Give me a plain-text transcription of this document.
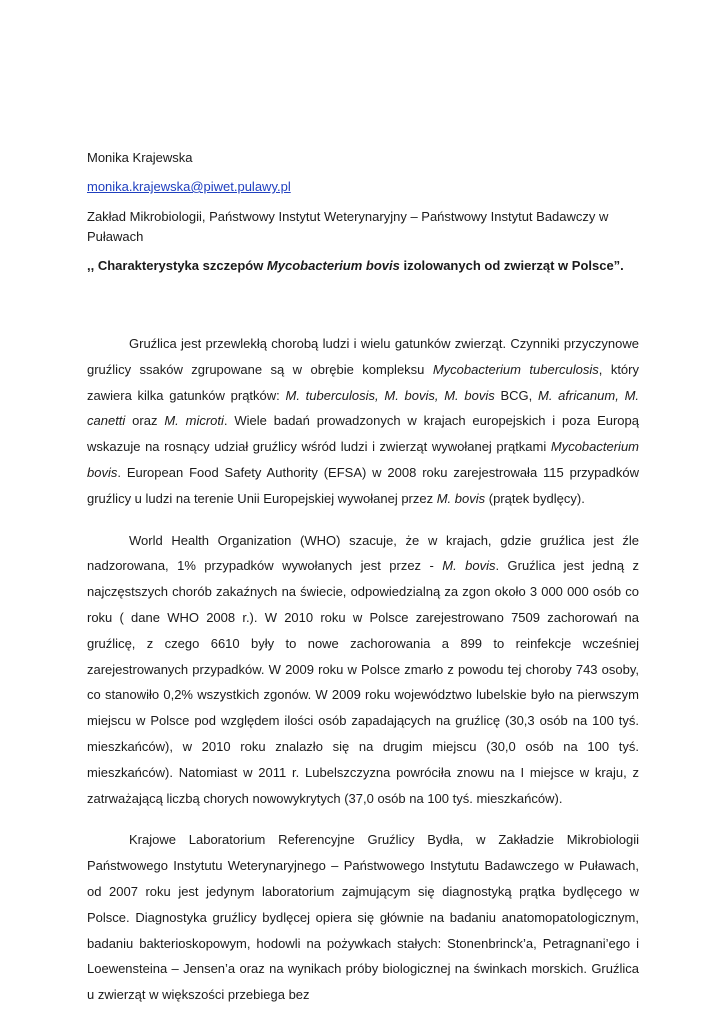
Monika Krajewska

monika.krajewska@piwet.pulawy.pl

Zakład Mikrobiologii, Państwowy Instytut Weterynaryjny – Państwowy Instytut Badawczy w Puławach

,, Charakterystyka szczepów Mycobacterium bovis izolowanych od zwierząt w Polsce”.

Gruźlica jest przewlekłą chorobą ludzi i wielu gatunków zwierząt. Czynniki przyczynowe gruźlicy ssaków zgrupowane są w obrębie kompleksu Mycobacterium tuberculosis, który zawiera kilka gatunków prątków: M. tuberculosis, M. bovis, M. bovis BCG, M. africanum, M. canetti oraz M. microti. Wiele badań prowadzonych w krajach europejskich i poza Europą wskazuje na rosnący udział gruźlicy wśród ludzi i zwierząt wywołanej prątkami Mycobacterium bovis. European Food Safety Authority (EFSA) w 2008 roku zarejestrowała 115 przypadków gruźlicy u ludzi na terenie Unii Europejskiej wywołanej przez M. bovis (prątek bydlęcy).

World Health Organization (WHO) szacuje, że w krajach, gdzie gruźlica jest źle nadzorowana, 1% przypadków wywołanych jest przez - M. bovis. Gruźlica jest jedną z najczęstszych chorób zakaźnych na świecie, odpowiedzialną za zgon około 3 000 000 osób co roku ( dane WHO 2008 r.). W 2010 roku w Polsce zarejestrowano 7509 zachorowań na gruźlicę, z czego 6610 były to nowe zachorowania a 899 to reinfekcje wcześniej zarejestrowanych przypadków. W 2009 roku w Polsce zmarło z powodu tej choroby 743 osoby, co stanowiło 0,2% wszystkich zgonów. W 2009 roku województwo lubelskie było na pierwszym miejscu w Polsce pod względem ilości osób zapadających na gruźlicę (30,3 osób na 100 tyś. mieszkańców), w 2010 roku znalazło się na drugim miejscu (30,0 osób na 100 tyś. mieszkańców). Natomiast w 2011 r. Lubelszczyzna powróciła znowu na I miejsce w kraju, z zatrważającą liczbą chorych nowowykrytych (37,0 osób na 100 tyś. mieszkańców).

Krajowe Laboratorium Referencyjne Gruźlicy Bydła, w Zakładzie Mikrobiologii Państwowego Instytutu Weterynaryjnego – Państwowego Instytutu Badawczego w Puławach, od 2007 roku jest jedynym laboratorium zajmującym się diagnostyką prątka bydlęcego w Polsce. Diagnostyka gruźlicy bydlęcej opiera się głównie na badaniu anatomopatologicznym, badaniu bakterioskopowym, hodowli na pożywkach stałych: Stonenbrinck’a, Petragnani’ego i Loewensteina – Jensen’a oraz na wynikach próby biologicznej na świnkach morskich. Gruźlica u zwierząt w większości przebiega bez
